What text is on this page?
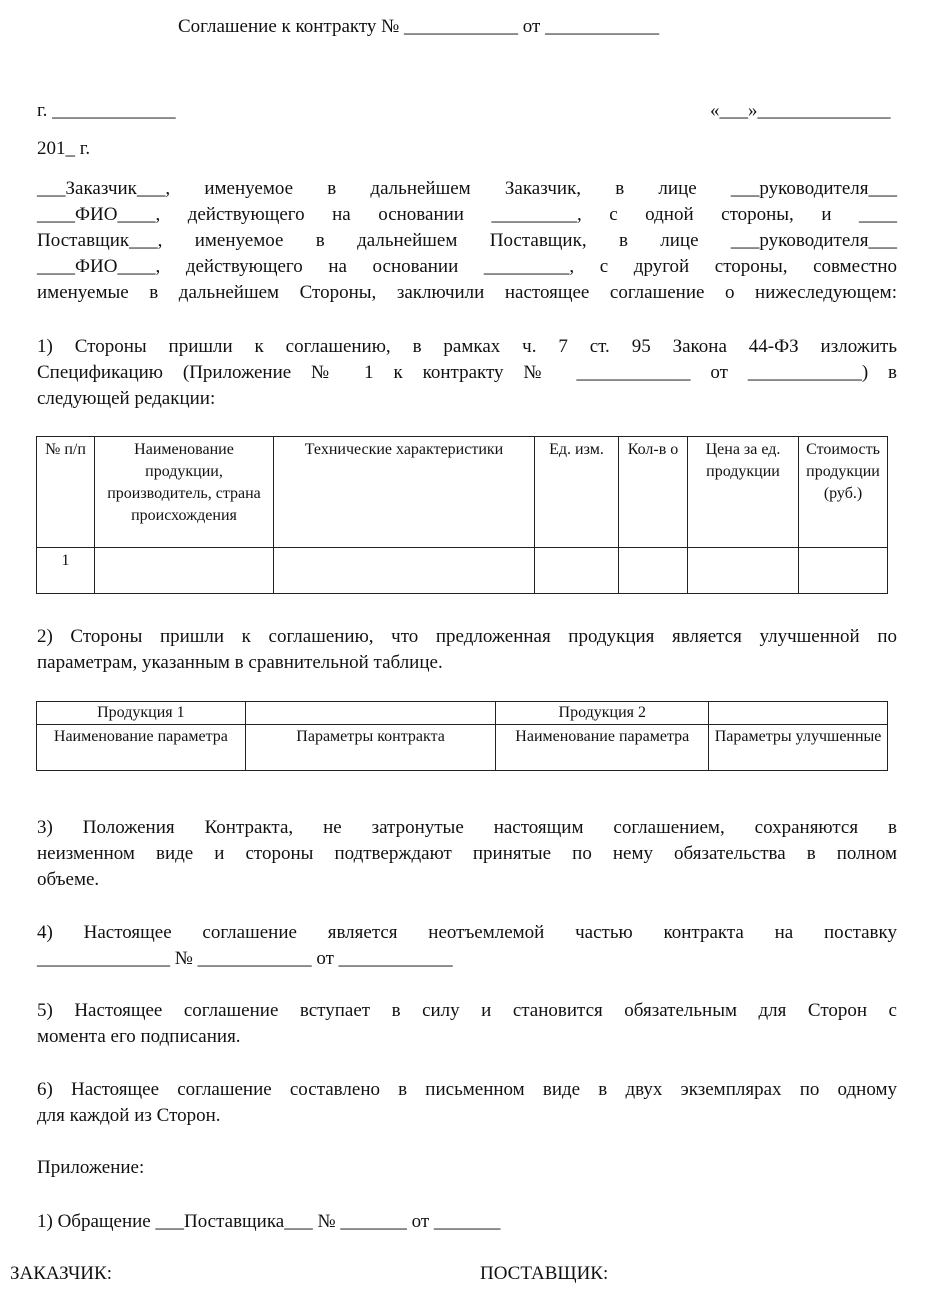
Соглашение к контракту № ____________ от ____________
г. _____________	«___»______________
201_ г.
___Заказчик___, именуемое в дальнейшем Заказчик, в лице ___руководителя___
____ФИО____, действующего на основании _________, с одной стороны, и ____
Поставщик___, именуемое в дальнейшем Поставщик, в лице ___руководителя___
____ФИО____, действующего на основании _________, с другой стороны, совместно
именуемые в дальнейшем Стороны, заключили настоящее соглашение о нижеследующем:
1) Стороны пришли к соглашению, в рамках ч. 7 ст. 95 Закона 44-ФЗ изложить
Спецификацию (Приложение № 1 к контракту № ____________ от ____________) в
следующей редакции:
№ п/п	Наименование продукции, производитель, страна происхождения	Технические характеристики	Ед. изм.	Кол-в о	Цена за ед. продукции	Стоимость продукции (руб.)
1						
2) Стороны пришли к соглашению, что предложенная продукция является улучшенной по
параметрам, указанным в сравнительной таблице.
Продукция 1		Продукция 2	
Наименование параметра	Параметры контракта	Наименование параметра	Параметры улучшенные
3) Положения Контракта, не затронутые настоящим соглашением, сохраняются в
неизменном виде и стороны подтверждают принятые по нему обязательства в полном
объеме.
4) Настоящее соглашение является неотъемлемой частью контракта на поставку
______________ № ____________ от ____________
5) Настоящее соглашение вступает в силу и становится обязательным для Сторон с
момента его подписания.
6) Настоящее соглашение составлено в письменном виде в двух экземплярах по одному
для каждой из Сторон.
Приложение:
1) Обращение ___Поставщика___ № _______ от _______
ЗАКАЗЧИК:	ПОСТАВЩИК:
